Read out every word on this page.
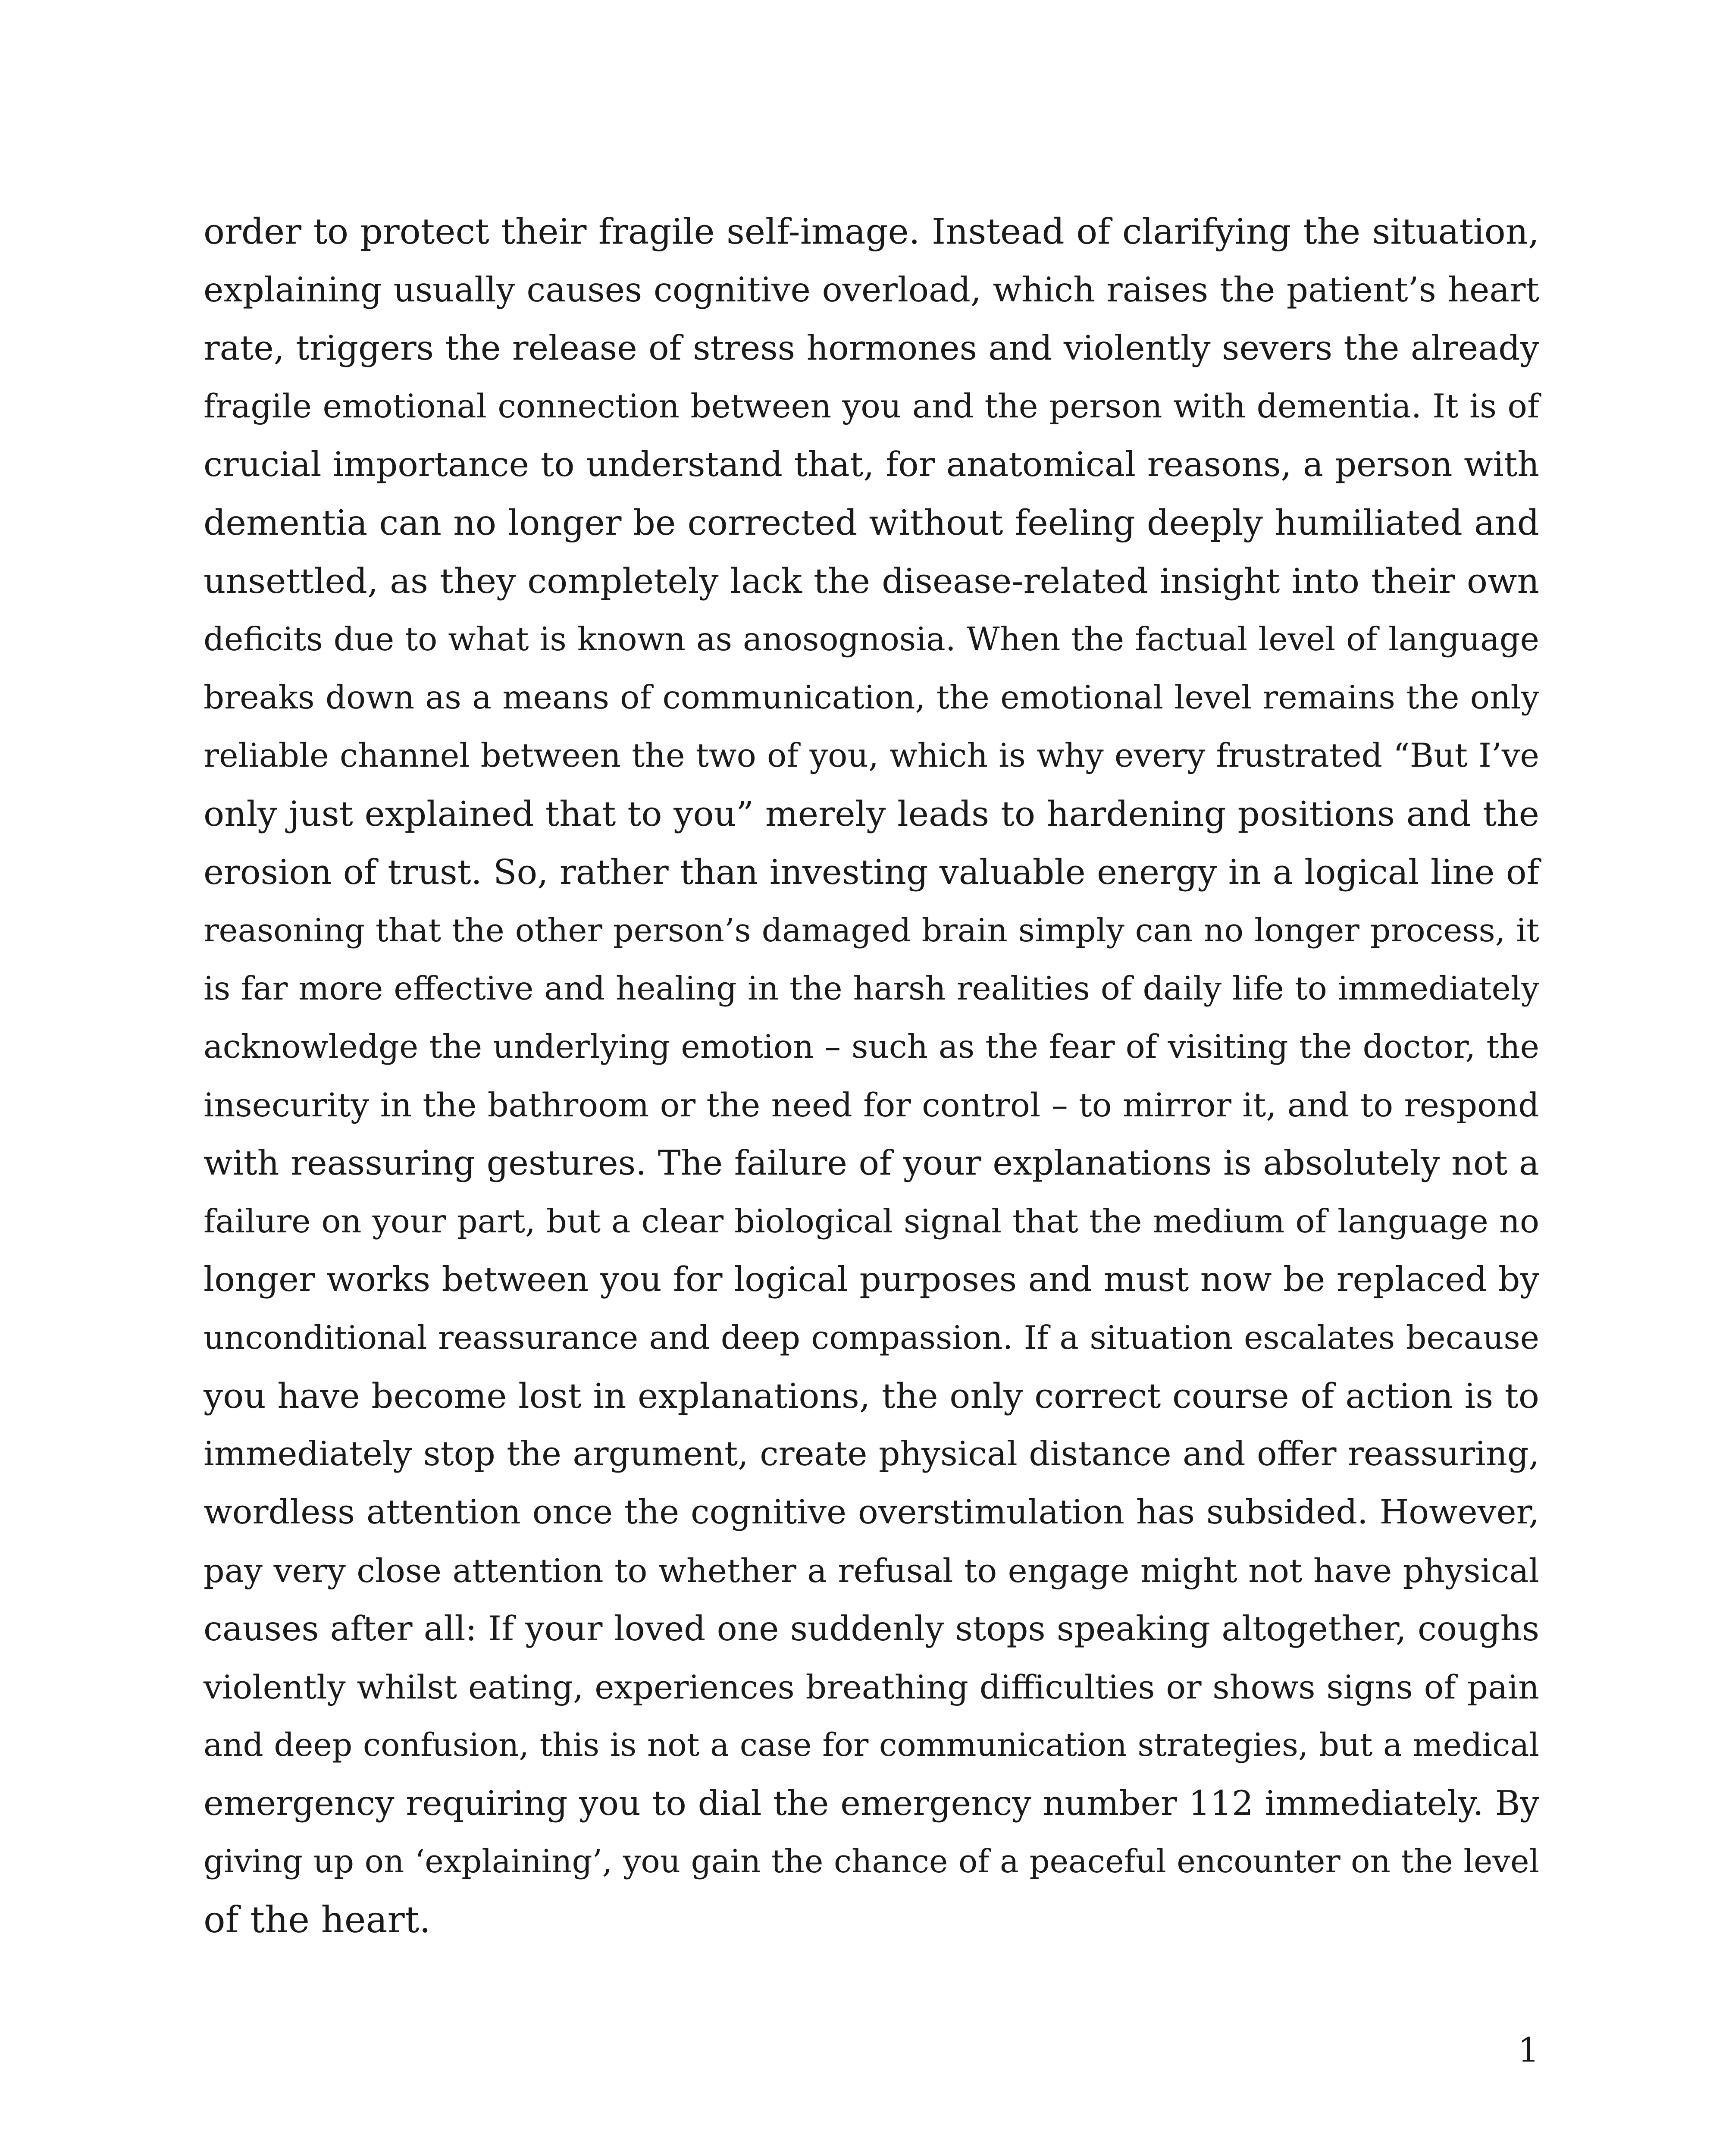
order to protect their fragile self-image. Instead of clarifying the situation,
explaining usually causes cognitive overload, which raises the patient’s heart
rate, triggers the release of stress hormones and violently severs the already
fragile emotional connection between you and the person with dementia. It is of
crucial importance to understand that, for anatomical reasons, a person with
dementia can no longer be corrected without feeling deeply humiliated and
unsettled, as they completely lack the disease-related insight into their own
deficits due to what is known as anosognosia. When the factual level of language
breaks down as a means of communication, the emotional level remains the only
reliable channel between the two of you, which is why every frustrated “But I’ve
only just explained that to you” merely leads to hardening positions and the
erosion of trust. So, rather than investing valuable energy in a logical line of
reasoning that the other person’s damaged brain simply can no longer process, it
is far more effective and healing in the harsh realities of daily life to immediately
acknowledge the underlying emotion – such as the fear of visiting the doctor, the
insecurity in the bathroom or the need for control – to mirror it, and to respond
with reassuring gestures. The failure of your explanations is absolutely not a
failure on your part, but a clear biological signal that the medium of language no
longer works between you for logical purposes and must now be replaced by
unconditional reassurance and deep compassion. If a situation escalates because
you have become lost in explanations, the only correct course of action is to
immediately stop the argument, create physical distance and offer reassuring,
wordless attention once the cognitive overstimulation has subsided. However,
pay very close attention to whether a refusal to engage might not have physical
causes after all: If your loved one suddenly stops speaking altogether, coughs
violently whilst eating, experiences breathing difficulties or shows signs of pain
and deep confusion, this is not a case for communication strategies, but a medical
emergency requiring you to dial the emergency number 112 immediately. By
giving up on ‘explaining’, you gain the chance of a peaceful encounter on the level
of the heart.
1
